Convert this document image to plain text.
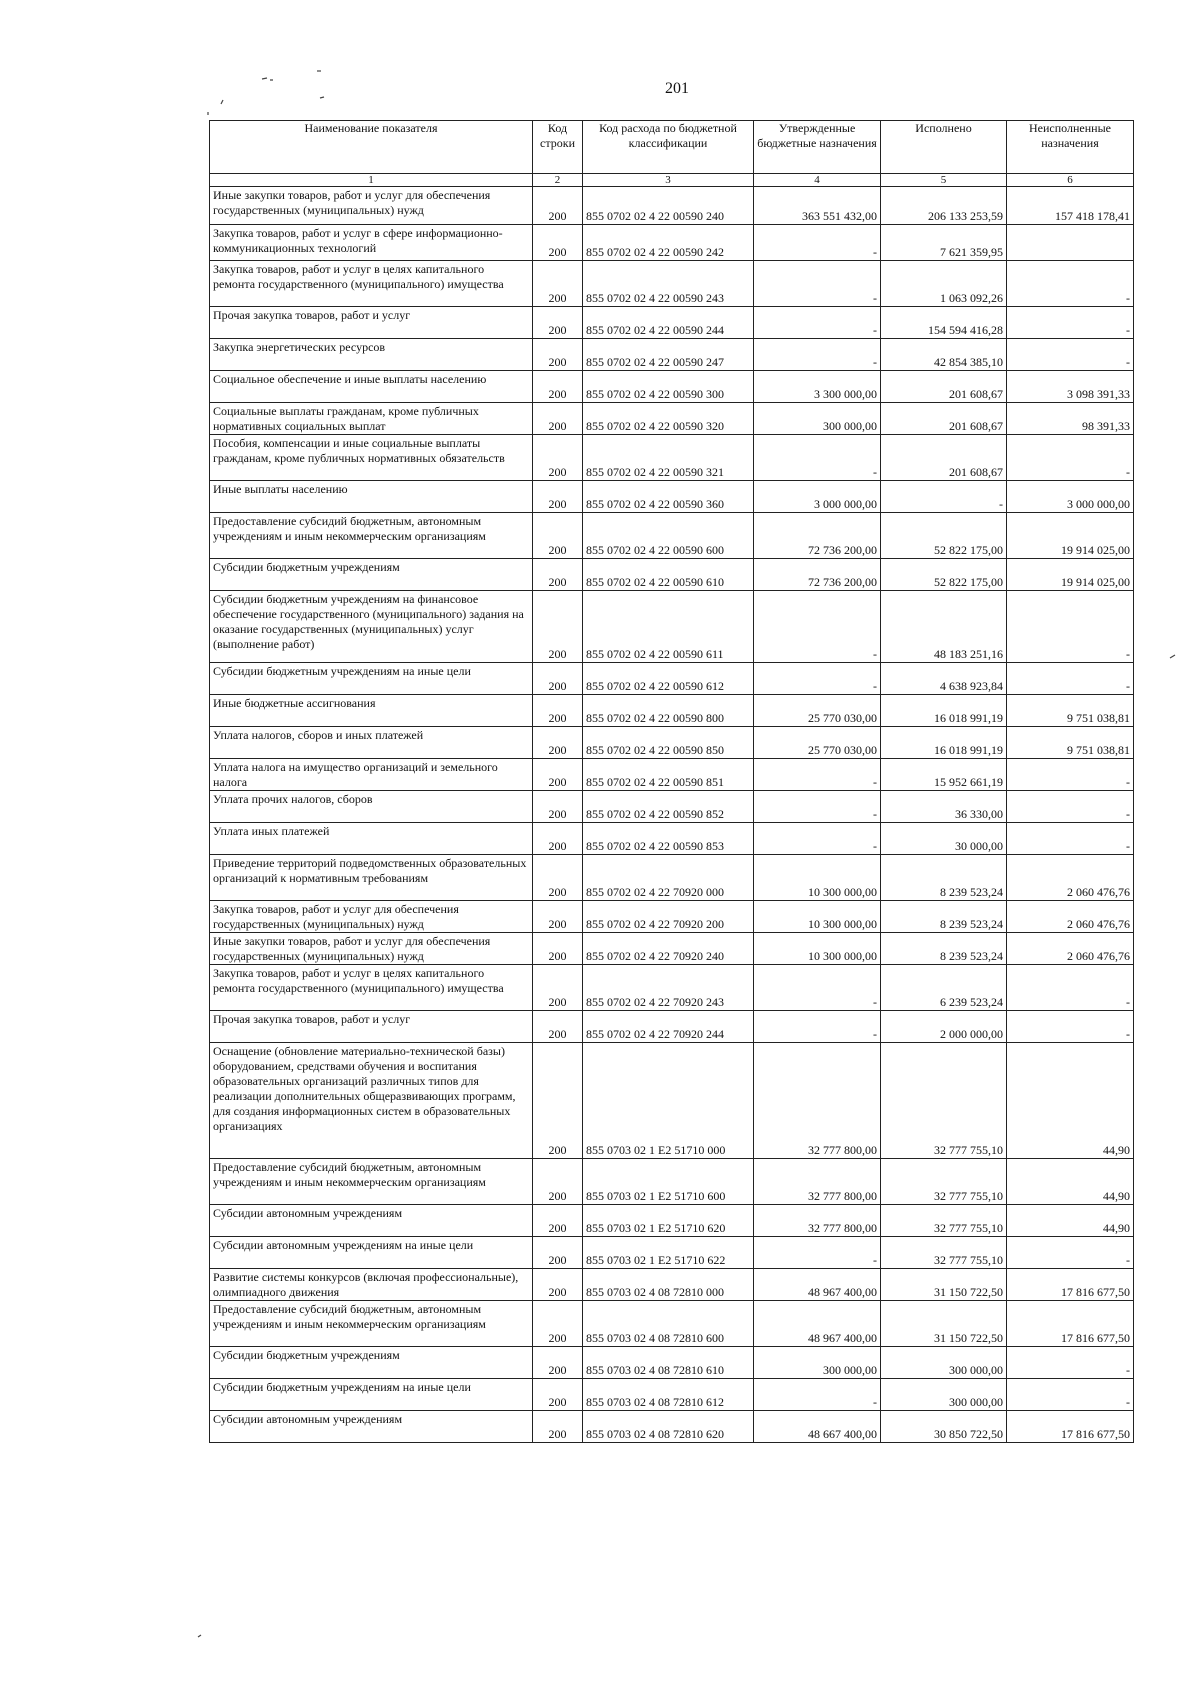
201
Наименование показателя	Код строки	Код расхода по бюджетной классификации	Утвержденные бюджетные назначения	Исполнено	Неисполненные назначения
1	2	3	4	5	6
Иные закупки товаров, работ и услуг для обеспечения государственных (муниципальных) нужд	200	855 0702 02 4 22 00590 240	363 551 432,00	206 133 253,59	157 418 178,41
Закупка товаров, работ и услуг в сфере информационно-коммуникационных технологий	200	855 0702 02 4 22 00590 242	-	7 621 359,95	
Закупка товаров, работ и услуг в целях капитального ремонта государственного (муниципального) имущества	200	855 0702 02 4 22 00590 243	-	1 063 092,26	-
Прочая закупка товаров, работ и услуг	200	855 0702 02 4 22 00590 244	-	154 594 416,28	-
Закупка энергетических ресурсов	200	855 0702 02 4 22 00590 247	-	42 854 385,10	-
Социальное обеспечение и иные выплаты населению	200	855 0702 02 4 22 00590 300	3 300 000,00	201 608,67	3 098 391,33
Социальные выплаты гражданам, кроме публичных нормативных социальных выплат	200	855 0702 02 4 22 00590 320	300 000,00	201 608,67	98 391,33
Пособия, компенсации и иные социальные выплаты гражданам, кроме публичных нормативных обязательств	200	855 0702 02 4 22 00590 321	-	201 608,67	-
Иные выплаты населению	200	855 0702 02 4 22 00590 360	3 000 000,00	-	3 000 000,00
Предоставление субсидий бюджетным, автономным учреждениям и иным некоммерческим организациям	200	855 0702 02 4 22 00590 600	72 736 200,00	52 822 175,00	19 914 025,00
Субсидии бюджетным учреждениям	200	855 0702 02 4 22 00590 610	72 736 200,00	52 822 175,00	19 914 025,00
Субсидии бюджетным учреждениям на финансовое обеспечение государственного (муниципального) задания на оказание государственных (муниципальных) услуг (выполнение работ)	200	855 0702 02 4 22 00590 611	-	48 183 251,16	-
Субсидии бюджетным учреждениям на иные цели	200	855 0702 02 4 22 00590 612	-	4 638 923,84	-
Иные бюджетные ассигнования	200	855 0702 02 4 22 00590 800	25 770 030,00	16 018 991,19	9 751 038,81
Уплата налогов, сборов и иных платежей	200	855 0702 02 4 22 00590 850	25 770 030,00	16 018 991,19	9 751 038,81
Уплата налога на имущество организаций и земельного налога	200	855 0702 02 4 22 00590 851	-	15 952 661,19	-
Уплата прочих налогов, сборов	200	855 0702 02 4 22 00590 852	-	36 330,00	-
Уплата иных платежей	200	855 0702 02 4 22 00590 853	-	30 000,00	-
Приведение территорий подведомственных образовательных организаций к нормативным требованиям	200	855 0702 02 4 22 70920 000	10 300 000,00	8 239 523,24	2 060 476,76
Закупка товаров, работ и услуг для обеспечения государственных (муниципальных) нужд	200	855 0702 02 4 22 70920 200	10 300 000,00	8 239 523,24	2 060 476,76
Иные закупки товаров, работ и услуг для обеспечения государственных (муниципальных) нужд	200	855 0702 02 4 22 70920 240	10 300 000,00	8 239 523,24	2 060 476,76
Закупка товаров, работ и услуг в целях капитального ремонта государственного (муниципального) имущества	200	855 0702 02 4 22 70920 243	-	6 239 523,24	-
Прочая закупка товаров, работ и услуг	200	855 0702 02 4 22 70920 244	-	2 000 000,00	-
Оснащение (обновление материально-технической базы) оборудованием, средствами обучения и воспитания образовательных организаций различных типов для реализации дополнительных общеразвивающих программ, для создания информационных систем в образовательных организациях	200	855 0703 02 1 E2 51710 000	32 777 800,00	32 777 755,10	44,90
Предоставление субсидий бюджетным, автономным учреждениям и иным некоммерческим организациям	200	855 0703 02 1 E2 51710 600	32 777 800,00	32 777 755,10	44,90
Субсидии автономным учреждениям	200	855 0703 02 1 E2 51710 620	32 777 800,00	32 777 755,10	44,90
Субсидии автономным учреждениям на иные цели	200	855 0703 02 1 E2 51710 622	-	32 777 755,10	-
Развитие системы конкурсов (включая профессиональные), олимпиадного движения	200	855 0703 02 4 08 72810 000	48 967 400,00	31 150 722,50	17 816 677,50
Предоставление субсидий бюджетным, автономным учреждениям и иным некоммерческим организациям	200	855 0703 02 4 08 72810 600	48 967 400,00	31 150 722,50	17 816 677,50
Субсидии бюджетным учреждениям	200	855 0703 02 4 08 72810 610	300 000,00	300 000,00	-
Субсидии бюджетным учреждениям на иные цели	200	855 0703 02 4 08 72810 612	-	300 000,00	-
Субсидии автономным учреждениям	200	855 0703 02 4 08 72810 620	48 667 400,00	30 850 722,50	17 816 677,50
